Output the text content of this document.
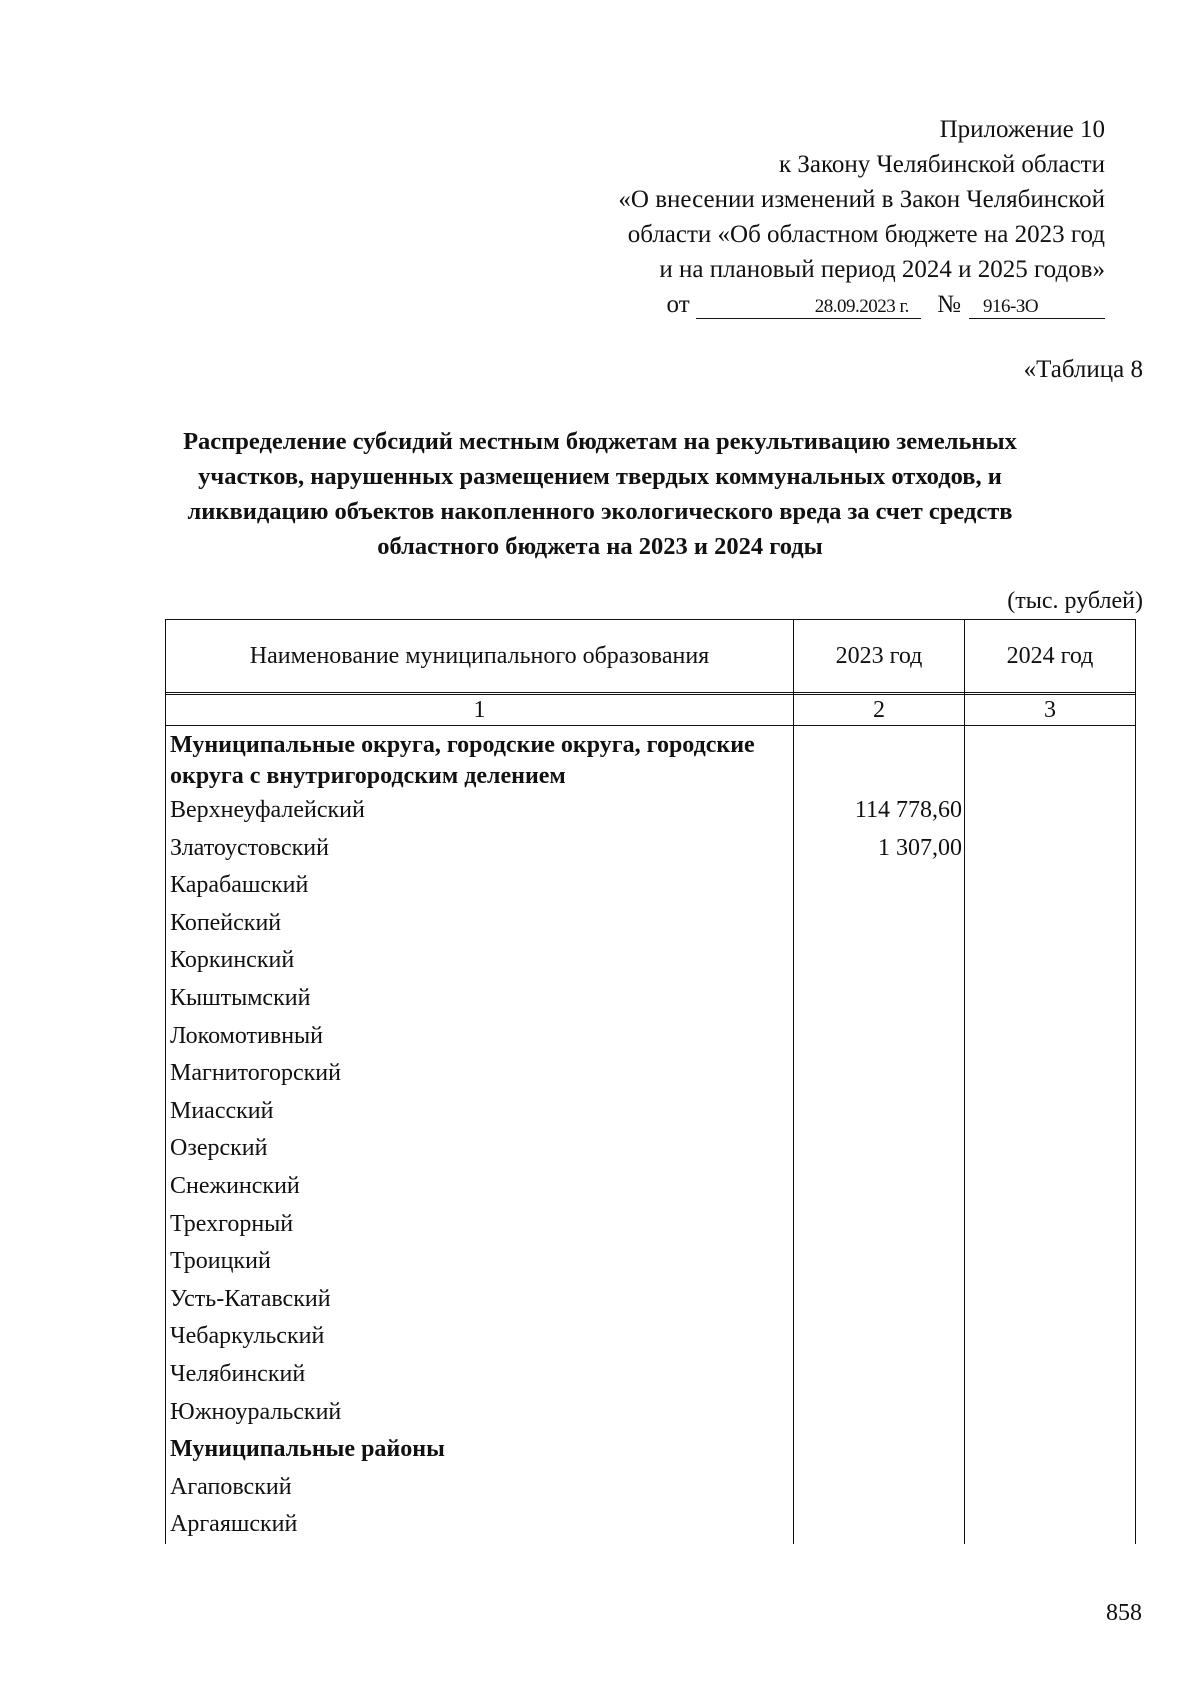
Приложение 10
к Закону Челябинской области
«О внесении изменений в Закон Челябинской
области «Об областном бюджете на 2023 год
и на плановый период 2024 и 2025 годов»
от	28.09.2023 г. № 916-ЗО
«Таблица 8
Распределение субсидий местным бюджетам на рекультивацию земельных участков, нарушенных размещением твердых коммунальных отходов, и ликвидацию объектов накопленного экологического вреда за счет средств областного бюджета на 2023 и 2024 годы
(тыс. рублей)
Наименование муниципального образования	2023 год	2024 год

1	2	3
Муниципальные округа, городские округа, городские округа с внутригородским делением		
Верхнеуфалейский	114 778,60	
Златоустовский	1 307,00	
Карабашский		
Копейский		
Коркинский		
Кыштымский		
Локомотивный		
Магнитогорский		
Миасский		
Озерский		
Снежинский		
Трехгорный		
Троицкий		
Усть-Катавский		
Чебаркульский		
Челябинский		
Южноуральский		
Муниципальные районы		
Агаповский		
Аргаяшский		
858
